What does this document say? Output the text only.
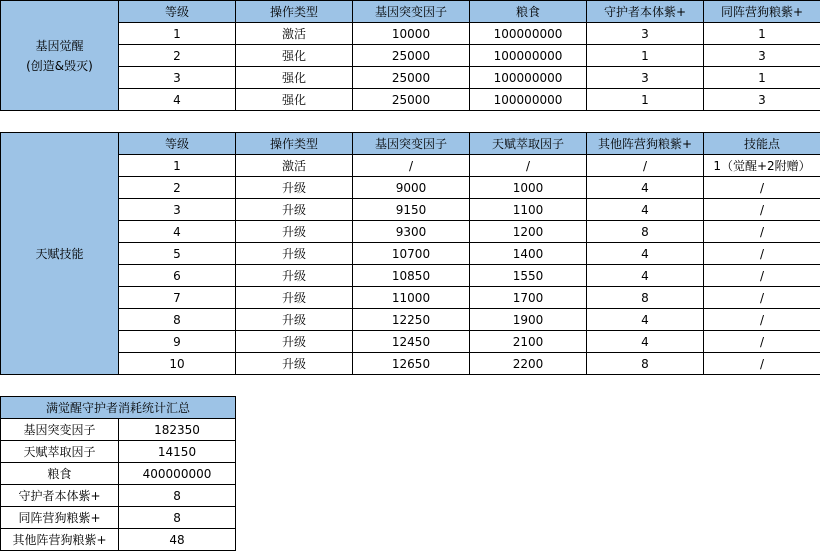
基因觉醒
(创造&毁灭)	等级	操作类型	基因突变因子	粮食	守护者本体紫+	同阵营狗粮紫+
	1	激活	10000	100000000	3	1
	2	强化	25000	100000000	1	3
	3	强化	25000	100000000	3	1
	4	强化	25000	100000000	1	3
天赋技能	等级	操作类型	基因突变因子	天赋萃取因子	其他阵营狗粮紫+	技能点
	1	激活	/	/	/	1（觉醒+2附赠）
	2	升级	9000	1000	4	/
	3	升级	9150	1100	4	/
	4	升级	9300	1200	8	/
	5	升级	10700	1400	4	/
	6	升级	10850	1550	4	/
	7	升级	11000	1700	8	/
	8	升级	12250	1900	4	/
	9	升级	12450	2100	4	/
	10	升级	12650	2200	8	/
满觉醒守护者消耗统计汇总	
基因突变因子	182350
天赋萃取因子	14150
粮食	400000000
守护者本体紫+	8
同阵营狗粮紫+	8
其他阵营狗粮紫+	48
